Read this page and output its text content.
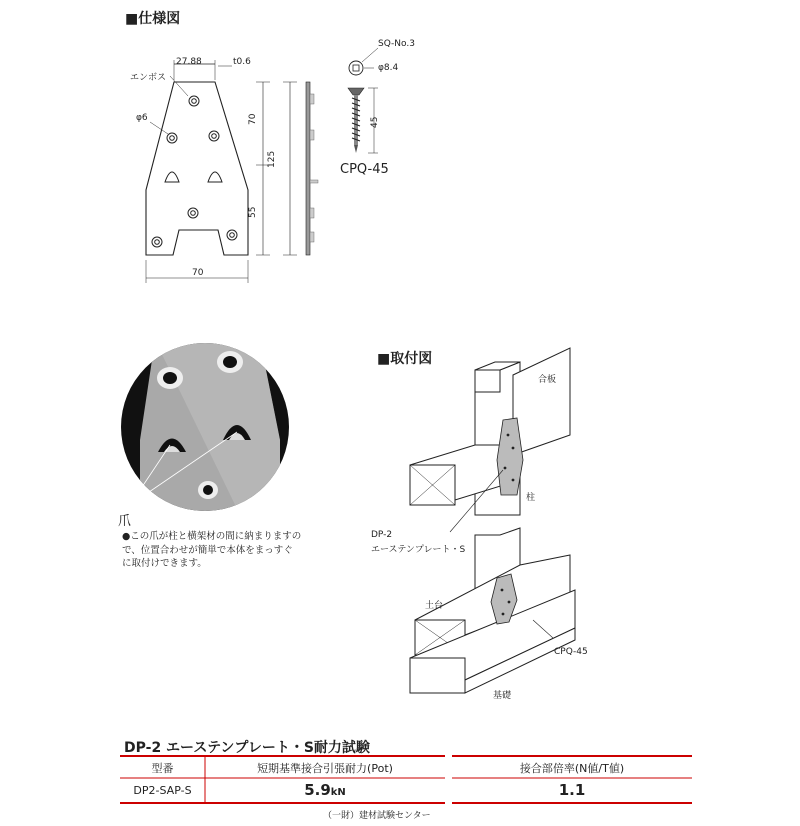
■仕様図
27.88	t0.6
エンボス
φ6	70
125
55
70
SQ-No.3
φ8.4
45
CPQ-45
爪
●この爪が柱と横架材の間に納まりますので、位置合わせが簡単で本体をまっすぐに取付けできます。
■取付図
合板
柱
DP-2
エーステンプレート・S
土台
CPQ-45
基礎
DP-2 エーステンプレート・S耐力試験
型番	短期基準接合引張耐力(Pot)	接合部倍率(N値/T値)
DP2-SAP-S	5.9kN	1.1
（一財）建材試験センター
